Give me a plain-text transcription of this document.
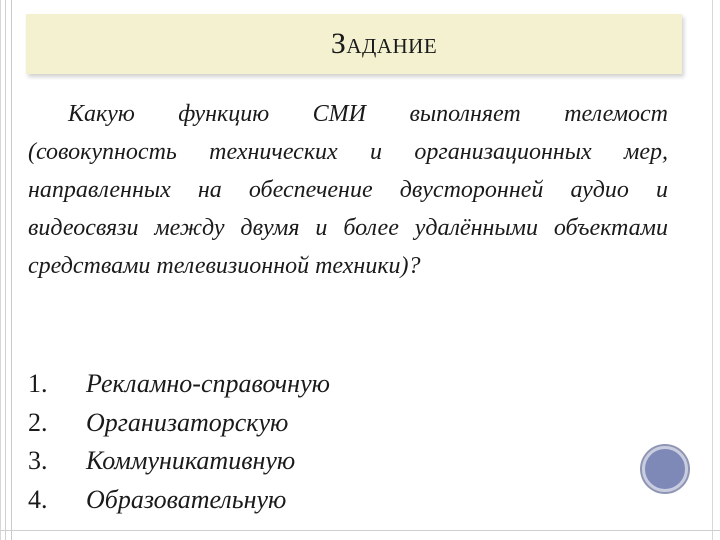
Задание

Какую функцию СМИ выполняет телемост (совокупность технических и организационных мер, направленных на обеспечение двусторонней аудио и видеосвязи между двумя и более удалёнными объектами средствами телевизионной техники)?

1.	Рекламно-справочную
2.	Организаторскую
3.	Коммуникативную
4.	Образовательную
